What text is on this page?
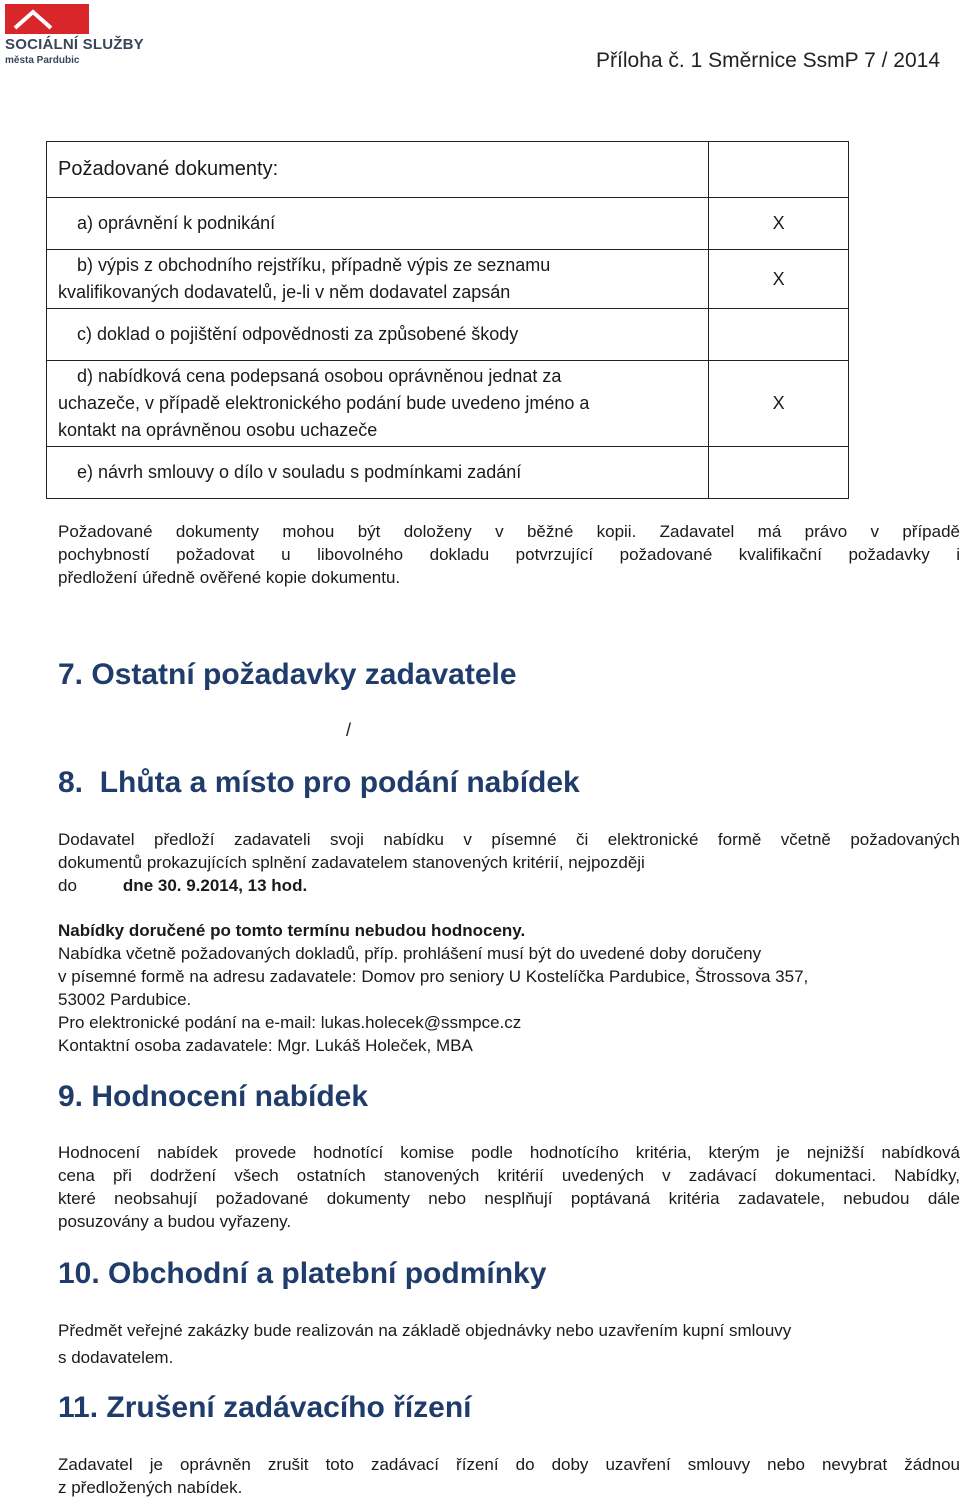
SOCIÁLNÍ SLUŽBY
města Pardubic	Příloha č. 1 Směrnice SsmP 7 / 2014
Požadované dokumenty:	

a) oprávnění k podnikání	X

b) výpis z obchodního rejstříku, případně výpis ze seznamu
kvalifikovaných dodavatelů, je-li v něm dodavatel zapsán	X

c) doklad o pojištění odpovědnosti za způsobené škody	

d) nabídková cena podepsaná osobou oprávněnou jednat za
uchazeče, v případě elektronického podání bude uvedeno jméno a
kontakt na oprávněnou osobu uchazeče	X

e) návrh smlouvy o dílo v souladu s podmínkami zadání	

Požadované dokumenty mohou být doloženy v běžné kopii. Zadavatel má právo v případě
pochybností požadovat u libovolného dokladu potvrzující požadované kvalifikační požadavky i
předložení úředně ověřené kopie dokumentu.
7. Ostatní požadavky zadavatele
/
8.  Lhůta a místo pro podání nabídek
Dodavatel předloží zadavateli svoji nabídku v písemné či elektronické formě včetně požadovaných
dokumentů prokazujících splnění zadavatelem stanovených kritérií, nejpozději
do	dne 30. 9.2014, 13 hod.
Nabídky doručené po tomto termínu nebudou hodnoceny.
Nabídka včetně požadovaných dokladů, příp. prohlášení musí být do uvedené doby doručeny
v písemné formě na adresu zadavatele: Domov pro seniory U Kostelíčka Pardubice, Štrossova 357,
53002 Pardubice.
Pro elektronické podání na e-mail: lukas.holecek@ssmpce.cz
Kontaktní osoba zadavatele: Mgr. Lukáš Holeček, MBA
9. Hodnocení nabídek
Hodnocení nabídek provede hodnotící komise podle hodnotícího kritéria, kterým je nejnižší nabídková
cena při dodržení všech ostatních stanovených kritérií uvedených v zadávací dokumentaci. Nabídky,
které neobsahují požadované dokumenty nebo nesplňují poptávaná kritéria zadavatele, nebudou dále
posuzovány a budou vyřazeny.
10. Obchodní a platební podmínky
Předmět veřejné zakázky bude realizován na základě objednávky nebo uzavřením kupní smlouvy
s dodavatelem.
11. Zrušení zadávacího řízení
Zadavatel je oprávněn zrušit toto zadávací řízení do doby uzavření smlouvy nebo nevybrat žádnou
z předložených nabídek.
